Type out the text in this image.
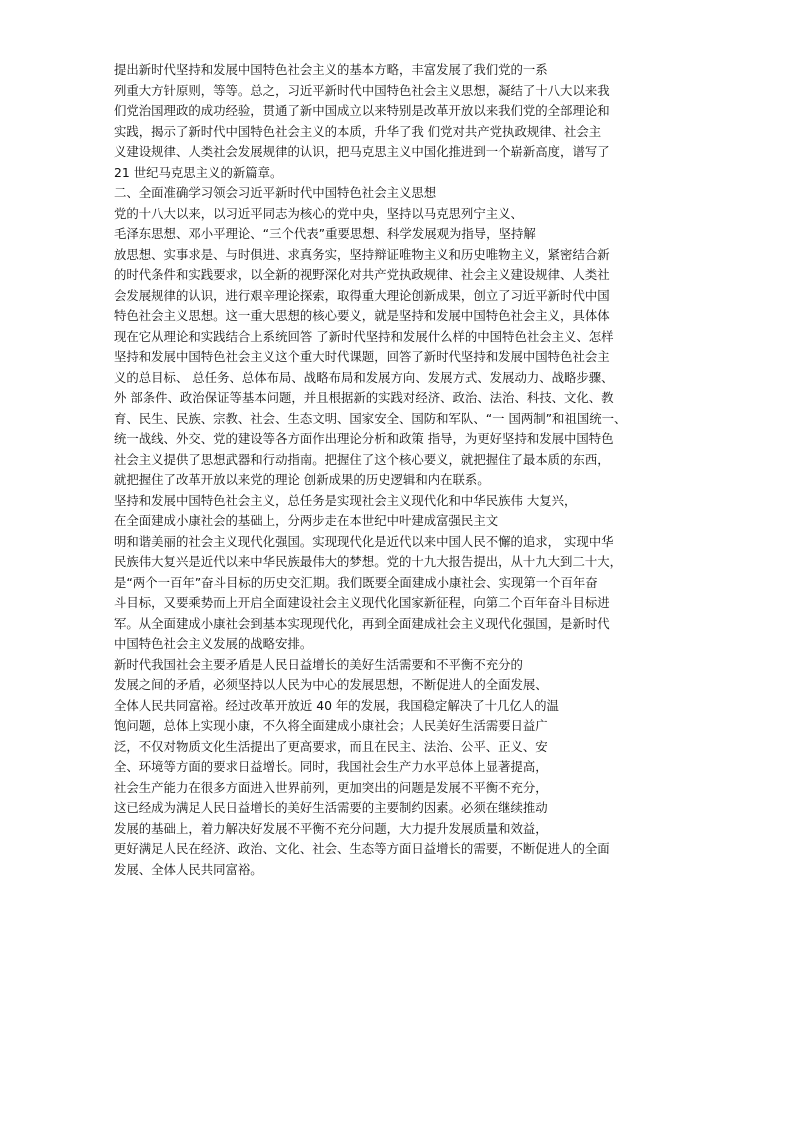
提出新时代坚持和发展中国特色社会主义的基本方略，丰富发展了我们党的一系
列重大方针原则，等等。总之，习近平新时代中国特色社会主义思想，凝结了十八大以来我
们党治国理政的成功经验，贯通了新中国成立以来特别是改革开放以来我们党的全部理论和
实践，揭示了新时代中国特色社会主义的本质，升华了我 们党对共产党执政规律、社会主
义建设规律、人类社会发展规律的认识，把马克思主义中国化推进到一个崭新高度，谱写了
21 世纪马克思主义的新篇章。
二、全面准确学习领会习近平新时代中国特色社会主义思想
党的十八大以来，以习近平同志为核心的党中央，坚持以马克思列宁主义、
毛泽东思想、邓小平理论、“三个代表”重要思想、科学发展观为指导，坚持解
放思想、实事求是、与时俱进、求真务实，坚持辩证唯物主义和历史唯物主义，紧密结合新
的时代条件和实践要求，以全新的视野深化对共产党执政规律、社会主义建设规律、人类社
会发展规律的认识，进行艰辛理论探索，取得重大理论创新成果，创立了习近平新时代中国
特色社会主义思想。这一重大思想的核心要义，就是坚持和发展中国特色社会主义，具体体
现在它从理论和实践结合上系统回答 了新时代坚持和发展什么样的中国特色社会主义、怎样
坚持和发展中国特色社会主义这个重大时代课题，回答了新时代坚持和发展中国特色社会主
义的总目标、 总任务、总体布局、战略布局和发展方向、发展方式、发展动力、战略步骤、
外 部条件、政治保证等基本问题，并且根据新的实践对经济、政治、法治、科技、文化、教
育、民生、民族、宗教、社会、生态文明、国家安全、国防和军队、“一 国两制”和祖国统一、
统一战线、外交、党的建设等各方面作出理论分析和政策 指导，为更好坚持和发展中国特色
社会主义提供了思想武器和行动指南。把握住了这个核心要义，就把握住了最本质的东西，
就把握住了改革开放以来党的理论 创新成果的历史逻辑和内在联系。
坚持和发展中国特色社会主义，总任务是实现社会主义现代化和中华民族伟 大复兴，
在全面建成小康社会的基础上，分两步走在本世纪中叶建成富强民主文
明和谐美丽的社会主义现代化强国。实现现代化是近代以来中国人民不懈的追求， 实现中华
民族伟大复兴是近代以来中华民族最伟大的梦想。党的十九大报告提出，从十九大到二十大，
是“两个一百年”奋斗目标的历史交汇期。我们既要全面建成小康社会、实现第一个百年奋
斗目标，又要乘势而上开启全面建设社会主义现代化国家新征程，向第二个百年奋斗目标进
军。从全面建成小康社会到基本实现现代化，再到全面建成社会主义现代化强国，是新时代
中国特色社会主义发展的战略安排。
新时代我国社会主要矛盾是人民日益增长的美好生活需要和不平衡不充分的
发展之间的矛盾，必须坚持以人民为中心的发展思想，不断促进人的全面发展、
全体人民共同富裕。经过改革开放近 40 年的发展，我国稳定解决了十几亿人的温
饱问题，总体上实现小康，不久将全面建成小康社会；人民美好生活需要日益广
泛，不仅对物质文化生活提出了更高要求，而且在民主、法治、公平、正义、安
全、环境等方面的要求日益增长。同时，我国社会生产力水平总体上显著提高，
社会生产能力在很多方面进入世界前列，更加突出的问题是发展不平衡不充分，
这已经成为满足人民日益增长的美好生活需要的主要制约因素。必须在继续推动
发展的基础上，着力解决好发展不平衡不充分问题，大力提升发展质量和效益，
更好满足人民在经济、政治、文化、社会、生态等方面日益增长的需要，不断促进人的全面
发展、全体人民共同富裕。
